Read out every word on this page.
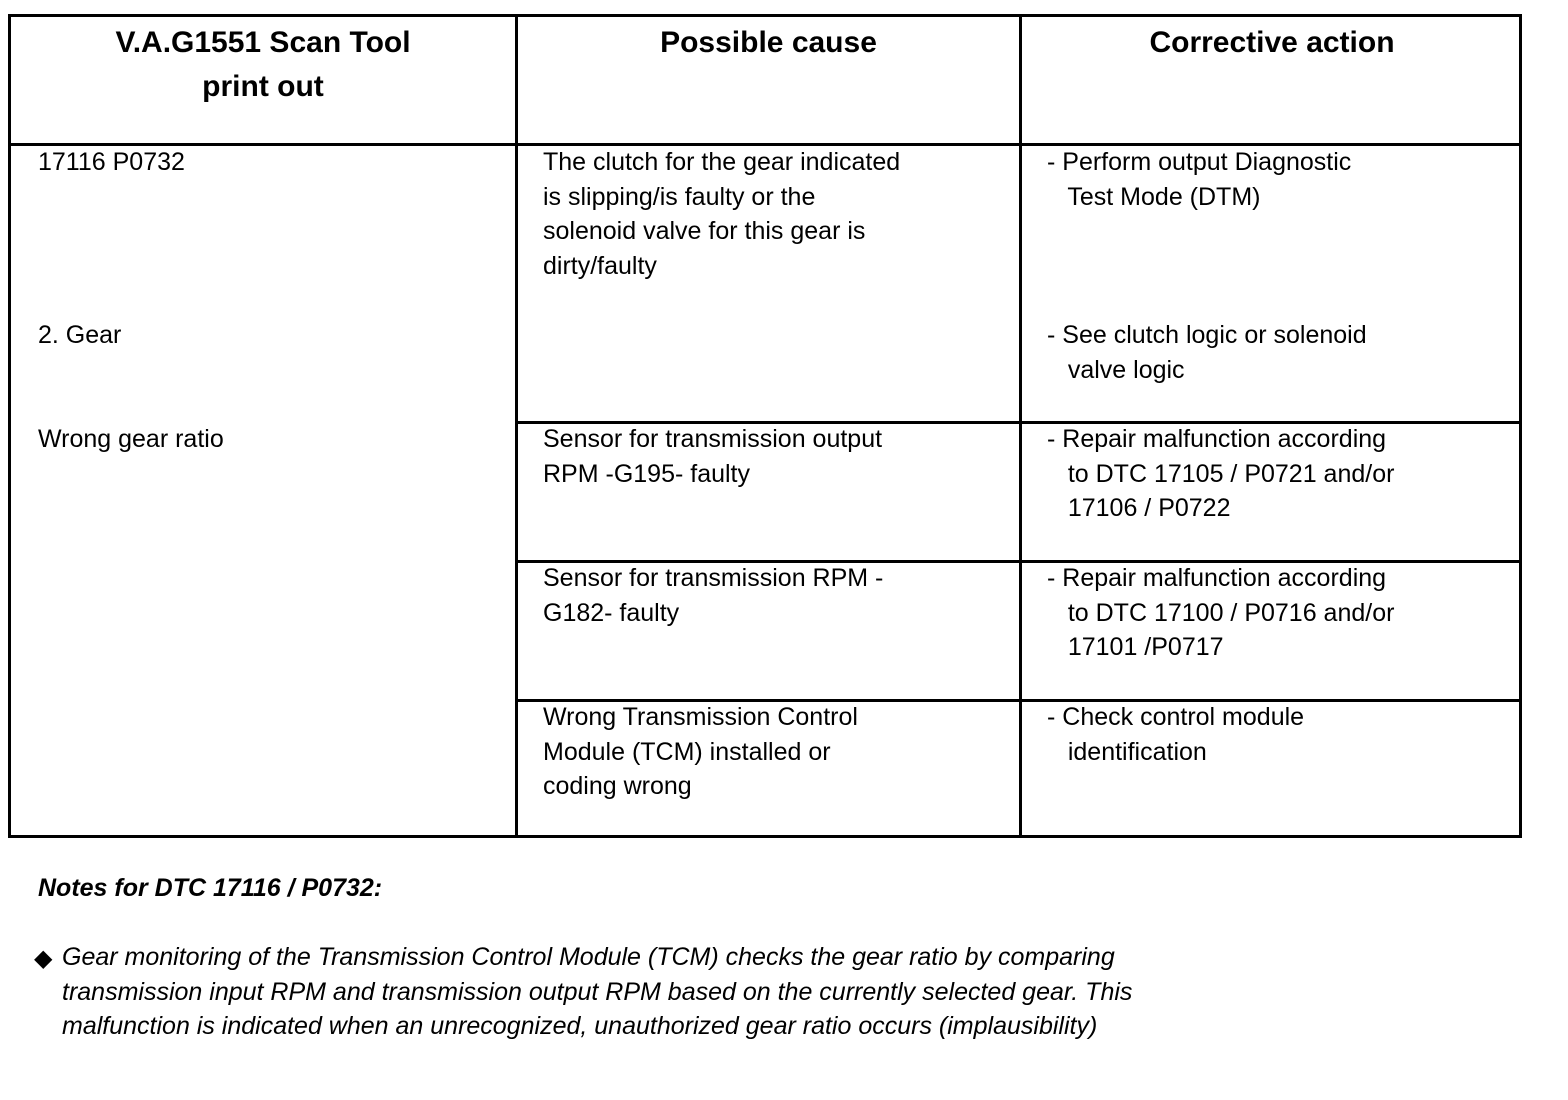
V.A.G1551 Scan Tool
print out
Possible cause	Corrective action
17116 P0732
2. Gear
Wrong gear ratio
The clutch for the gear indicated
is slipping/is faulty or the
solenoid valve for this gear is
dirty/faulty
- Perform output Diagnostic
Test Mode (DTM)
- See clutch logic or solenoid
valve logic
Sensor for transmission output
RPM -G195- faulty
- Repair malfunction according
to DTC 17105 / P0721 and/or
17106 / P0722
Sensor for transmission RPM -
G182- faulty
- Repair malfunction according
to DTC 17100 / P0716 and/or
17101 /P0717
Wrong Transmission Control
Module (TCM) installed or
coding wrong
- Check control module
identification
Notes for DTC 17116 / P0732:
◆ Gear monitoring of the Transmission Control Module (TCM) checks the gear ratio by comparing transmission input RPM and transmission output RPM based on the currently selected gear. This malfunction is indicated when an unrecognized, unauthorized gear ratio occurs (implausibility)
